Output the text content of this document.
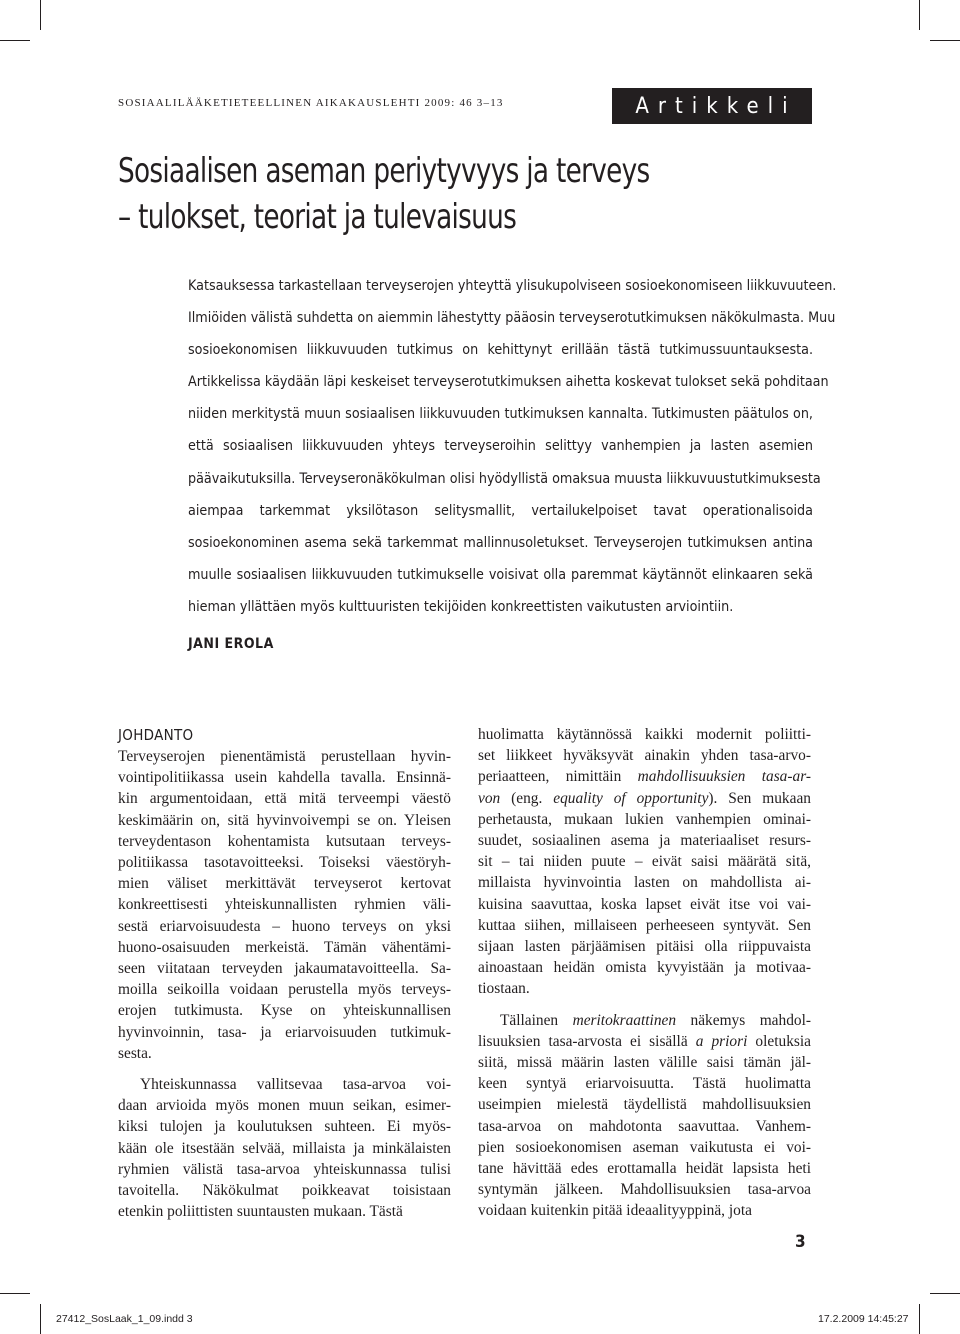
SOSIAALILÄÄKETIETEELLINEN AIKAKAUSLEHTI 2009: 46 3–13	Artikkeli
Sosiaalisen aseman periytyvyys ja terveys
– tulokset, teoriat ja tulevaisuus
Katsauksessa tarkastellaan terveyserojen yhteyttä ylisukupolviseen sosioekonomiseen liikkuvuuteen.
Ilmiöiden välistä suhdetta on aiemmin lähestytty pääosin terveyserotutkimuksen näkökulmasta. Muu
sosioekonomisen liikkuvuuden tutkimus on kehittynyt erillään tästä tutkimussuuntauksesta.
Artikkelissa käydään läpi keskeiset terveyserotutkimuksen aihetta koskevat tulokset sekä pohditaan
niiden merkitystä muun sosiaalisen liikkuvuuden tutkimuksen kannalta. Tutkimusten päätulos on,
että sosiaalisen liikkuvuuden yhteys terveyseroihin selittyy vanhempien ja lasten asemien
päävaikutuksilla. Terveyseronäkökulman olisi hyödyllistä omaksua muusta liikkuvuustutkimuksesta
aiempaa tarkemmat yksilötason selitysmallit, vertailukelpoiset tavat operationalisoida
sosioekonominen asema sekä tarkemmat mallinnusoletukset. Terveyserojen tutkimuksen antina
muulle sosiaalisen liikkuvuuden tutkimukselle voisivat olla paremmat käytännöt elinkaaren sekä
hieman yllättäen myös kulttuuristen tekijöiden konkreettisten vaikutusten arviointiin.
JANI EROLA
JOHDANTO
Terveyserojen pienentämistä perustellaan hyvin-
vointipolitiikassa usein kahdella tavalla. Ensinnä-
kin argumentoidaan, että mitä terveempi väestö
keskimäärin on, sitä hyvinvoivempi se on. Yleisen
terveydentason kohentamista kutsutaan terveys-
politiikassa tasotavoitteeksi. Toiseksi väestöryh-
mien väliset merkittävät terveyserot kertovat
konkreettisesti yhteiskunnallisten ryhmien väli-
sestä eriarvoisuudesta – huono terveys on yksi
huono-osaisuuden merkeistä. Tämän vähentämi-
seen viitataan terveyden jakaumatavoitteella. Sa-
moilla seikoilla voidaan perustella myös terveys-
erojen tutkimusta. Kyse on yhteiskunnallisen
hyvinvoinnin, tasa- ja eriarvoisuuden tutkimuk-
sesta.
Yhteiskunnassa vallitsevaa tasa-arvoa voi-
daan arvioida myös monen muun seikan, esimer-
kiksi tulojen ja koulutuksen suhteen. Ei myös-
kään ole itsestään selvää, millaista ja minkälaisten
ryhmien välistä tasa-arvoa yhteiskunnassa tulisi
tavoitella. Näkökulmat poikkeavat toisistaan
etenkin poliittisten suuntausten mukaan. Tästä
huolimatta käytännössä kaikki modernit poliitti-
set liikkeet hyväksyvät ainakin yhden tasa-arvo-
periaatteen, nimittäin mahdollisuuksien tasa-ar-
von (eng. equality of opportunity). Sen mukaan
perhetausta, mukaan lukien vanhempien ominai-
suudet, sosiaalinen asema ja materiaaliset resurs-
sit – tai niiden puute – eivät saisi määrätä sitä,
millaista hyvinvointia lasten on mahdollista ai-
kuisina saavuttaa, koska lapset eivät itse voi vai-
kuttaa siihen, millaiseen perheeseen syntyvät. Sen
sijaan lasten pärjäämisen pitäisi olla riippuvaista
ainoastaan heidän omista kyvyistään ja motivaa-
tiostaan.
Tällainen meritokraattinen näkemys mahdol-
lisuuksien tasa-arvosta ei sisällä a priori oletuksia
siitä, missä määrin lasten välille saisi tämän jäl-
keen syntyä eriarvoisuutta. Tästä huolimatta
useimpien mielestä täydellistä mahdollisuuksien
tasa-arvoa on mahdotonta saavuttaa. Vanhem-
pien sosioekonomisen aseman vaikutusta ei voi-
tane hävittää edes erottamalla heidät lapsista heti
syntymän jälkeen. Mahdollisuuksien tasa-arvoa
voidaan kuitenkin pitää ideaalityyppinä, jota
3
27412_SosLaak_1_09.indd 3	17.2.2009 14:45:27
